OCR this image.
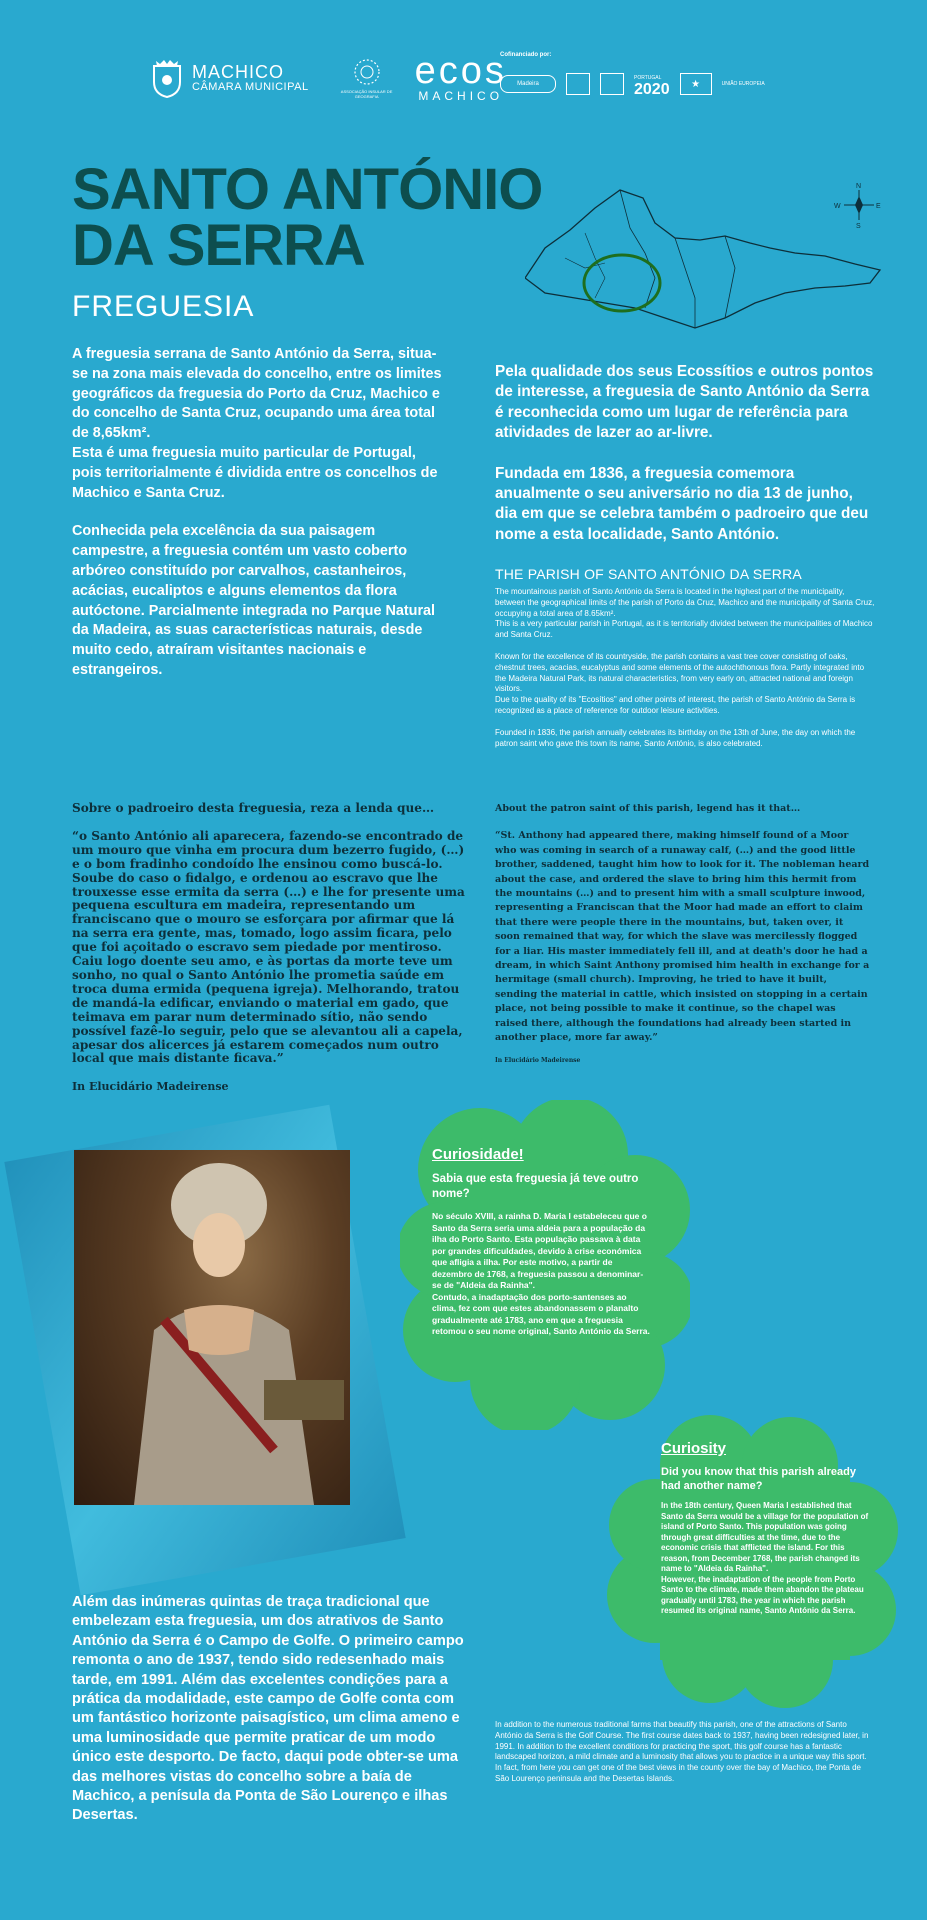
MACHICO
CÂMARA MUNICIPAL	ASSOCIAÇÃO INSULAR DE GEOGRAFIA
ecos
MACHICO
Cofinanciado por:
Madeira
PORTUGAL
2020	★	UNIÃO EUROPEIA
SANTO ANTÓNIO
DA SERRA
FREGUESIA
N
S
E
W

A freguesia serrana de Santo António da Serra, situa-se na zona mais elevada do concelho, entre os limites geográficos da freguesia do Porto da Cruz, Machico e do concelho de Santa Cruz, ocupando uma área total de 8,65km².

Esta é uma freguesia muito particular de Portugal, pois territorialmente é dividida entre os concelhos de Machico e Santa Cruz.

Conhecida pela excelência da sua paisagem campestre, a freguesia contém um vasto coberto arbóreo constituído por carvalhos, castanheiros, acácias, eucaliptos e alguns elementos da flora autóctone. Parcialmente integrada no Parque Natural da Madeira, as suas características naturais, desde muito cedo, atraíram visitantes nacionais e estrangeiros.

Pela qualidade dos seus Ecossítios e outros pontos de interesse, a freguesia de Santo António da Serra é reconhecida como um lugar de referência para atividades de lazer ao ar-livre.

Fundada em 1836, a freguesia comemora anualmente o seu aniversário no dia 13 de junho, dia em que se celebra também o padroeiro que deu nome a esta localidade, Santo António.

THE PARISH OF SANTO ANTÓNIO DA SERRA

The mountainous parish of Santo António da Serra is located in the highest part of the municipality, between the geographical limits of the parish of Porto da Cruz, Machico and the municipality of Santa Cruz, occupying a total area of 8.65km².

This is a very particular parish in Portugal, as it is territorially divided between the municipalities of Machico and Santa Cruz.

Known for the excellence of its countryside, the parish contains a vast tree cover consisting of oaks, chestnut trees, acacias, eucalyptus and some elements of the autochthonous flora. Partly integrated into the Madeira Natural Park, its natural characteristics, from very early on, attracted national and foreign visitors.

Due to the quality of its "Ecosítios" and other points of interest, the parish of Santo António da Serra is recognized as a place of reference for outdoor leisure activities.

Founded in 1836, the parish annually celebrates its birthday on the 13th of June, the day on which the patron saint who gave this town its name, Santo António, is also celebrated.

Sobre o padroeiro desta freguesia, reza a lenda que…

“o Santo António ali aparecera, fazendo-se encontrado de um mouro que vinha em procura dum bezerro fugido, (…) e o bom fradinho condoído lhe ensinou como buscá-lo. Soube do caso o fidalgo, e ordenou ao escravo que lhe trouxesse esse ermita da serra (…) e lhe for presente uma pequena escultura em madeira, representando um franciscano que o mouro se esforçara por afirmar que lá na serra era gente, mas, tomado, logo assim ficara, pelo que foi açoitado o escravo sem piedade por mentiroso. Caiu logo doente seu amo, e às portas da morte teve um sonho, no qual o Santo António lhe prometia saúde em troca duma ermida (pequena igreja). Melhorando, tratou de mandá-la edificar, enviando o material em gado, que teimava em parar num determinado sítio, não sendo possível fazê-lo seguir, pelo que se alevantou ali a capela, apesar dos alicerces já estarem começados num outro local que mais distante ficava.”

In Elucidário Madeirense

About the patron saint of this parish, legend has it that…

“St. Anthony had appeared there, making himself found of a Moor who was coming in search of a runaway calf, (…) and the good little brother, saddened, taught him how to look for it. The nobleman heard about the case, and ordered the slave to bring him this hermit from the mountains (…) and to present him with a small sculpture inwood, representing a Franciscan that the Moor had made an effort to claim that there were people there in the mountains, but, taken over, it soon remained that way, for which the slave was mercilessly flogged for a liar. His master immediately fell ill, and at death's door he had a dream, in which Saint Anthony promised him health in exchange for a hermitage (small church). Improving, he tried to have it built, sending the material in cattle, which insisted on stopping in a certain place, not being possible to make it continue, so the chapel was raised there, although the foundations had already been started in another place, more far away.”

In Elucidário Madeirense

Curiosidade!
Sabia que esta freguesia já teve outro nome?

No século XVIII, a rainha D. Maria I estabeleceu que o Santo da Serra seria uma aldeia para a população da ilha do Porto Santo. Esta população passava à data por grandes dificuldades, devido à crise económica que afligia a ilha. Por este motivo, a partir de dezembro de 1768, a freguesia passou a denominar-se de "Aldeia da Rainha".

Contudo, a inadaptação dos porto-santenses ao clima, fez com que estes abandonassem o planalto gradualmente até 1783, ano em que a freguesia retomou o seu nome original, Santo António da Serra.

Curiosity
Did you know that this parish already had another name?

In the 18th century, Queen Maria I established that Santo da Serra would be a village for the population of island of Porto Santo. This population was going through great difficulties at the time, due to the economic crisis that afflicted the island. For this reason, from December 1768, the parish changed its name to "Aldeia da Rainha".

However, the inadaptation of the people from Porto Santo to the climate, made them abandon the plateau gradually until 1783, the year in which the parish resumed its original name, Santo António da Serra.

Além das inúmeras quintas de traça tradicional que embelezam esta freguesia, um dos atrativos de Santo António da Serra é o Campo de Golfe. O primeiro campo remonta o ano de 1937, tendo sido redesenhado mais tarde, em 1991. Além das excelentes condições para a prática da modalidade, este campo de Golfe conta com um fantástico horizonte paisagístico, um clima ameno e uma luminosidade que permite praticar de um modo único este desporto. De facto, daqui pode obter-se uma das melhores vistas do concelho sobre a baía de Machico, a penísula da Ponta de São Lourenço e ilhas Desertas.
In addition to the numerous traditional farms that beautify this parish, one of the attractions of Santo António da Serra is the Golf Course. The first course dates back to 1937, having been redesigned later, in 1991. In addition to the excellent conditions for practicing the sport, this golf course has a fantastic landscaped horizon, a mild climate and a luminosity that allows you to practice in a unique way this sport. In fact, from here you can get one of the best views in the county over the bay of Machico, the Ponta de São Lourenço peninsula and the Desertas Islands.
